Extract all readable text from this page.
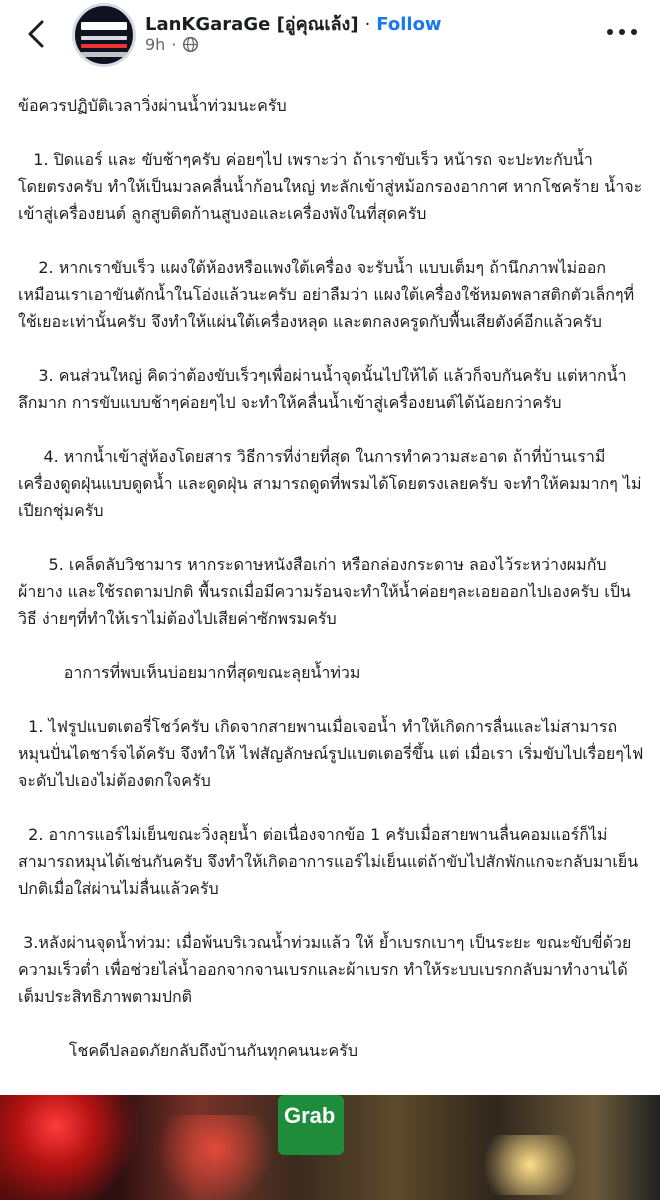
LanKGaraGe [อู่คุณเล้ง] · Follow
9h ·

ข้อควรปฏิบัติเวลาวิ่งผ่านน้ำท่วมนะครับ

1. ปิดแอร์ และ ขับช้าๆครับ ค่อยๆไป เพราะว่า ถ้าเราขับเร็ว หน้ารถ จะปะทะกับน้ำโดยตรงครับ ทำให้เป็นมวลคลื่นน้ำก้อนใหญ่ ทะลักเข้าสู่หม้อกรองอากาศ หากโชคร้าย น้ำจะเข้าสู่เครื่องยนต์ ลูกสูบติดก้านสูบงอและเครื่องพังในที่สุดครับ

2. หากเราขับเร็ว แผงใต้ห้องหรือแพงใต้เครื่อง จะรับน้ำ แบบเต็มๆ ถ้านึกภาพไม่ออก เหมือนเราเอาขันตักน้ำในโอ่งแล้วนะครับ อย่าลืมว่า แผงใต้เครื่องใช้หมดพลาสติกตัวเล็กๆที่ใช้เยอะเท่านั้นครับ จึงทำให้แผ่นใต้เครื่องหลุด และตกลงครูดกับพื้นเสียตังค์อีกแล้วครับ

3. คนส่วนใหญ่ คิดว่าต้องขับเร็วๆเพื่อผ่านน้ำจุดนั้นไปให้ได้ แล้วก็จบกันครับ แต่หากน้ำลึกมาก การขับแบบช้าๆค่อยๆไป จะทำให้คลื่นน้ำเข้าสู่เครื่องยนต์ได้น้อยกว่าครับ

4. หากน้ำเข้าสู่ห้องโดยสาร วิธีการที่ง่ายที่สุด ในการทำความสะอาด ถ้าที่บ้านเรามีเครื่องดูดฝุ่นแบบดูดน้ำ และดูดฝุ่น สามารถดูดที่พรมได้โดยตรงเลยครับ จะทำให้คมมากๆ ไม่เปียกชุ่มครับ

5. เคล็ดลับวิชามาร หากระดาษหนังสือเก่า หรือกล่องกระดาษ ลองไว้ระหว่างผมกับผ้ายาง และใช้รถตามปกติ พื้นรถเมื่อมีความร้อนจะทำให้น้ำค่อยๆละเอยออกไปเองครับ เป็นวิธี ง่ายๆที่ทำให้เราไม่ต้องไปเสียค่าซักพรมครับ

อาการที่พบเห็นบ่อยมากที่สุดขณะลุยน้ำท่วม

1. ไฟรูปแบตเตอรี่โชว์ครับ เกิดจากสายพานเมื่อเจอน้ำ ทำให้เกิดการลื่นและไม่สามารถหมุนปั่นไดชาร์จได้ครับ จึงทำให้ ไฟสัญลักษณ์รูปแบตเตอรี่ขึ้น แต่ เมื่อเรา เริ่มขับไปเรื่อยๆไฟจะดับไปเองไม่ต้องตกใจครับ

2. อาการแอร์ไม่เย็นขณะวิ่งลุยน้ำ ต่อเนื่องจากข้อ 1 ครับเมื่อสายพานลื่นคอมแอร์ก็ไม่สามารถหมุนได้เช่นกันครับ จึงทำให้เกิดอาการแอร์ไม่เย็นแต่ถ้าขับไปสักพักแกจะกลับมาเย็นปกติเมื่อใส่ผ่านไม่ลื่นแล้วครับ

3.หลังผ่านจุดน้ำท่วม: เมื่อพ้นบริเวณน้ำท่วมแล้ว ให้ ย้ำเบรกเบาๆ เป็นระยะ ขณะขับขี่ด้วยความเร็วต่ำ เพื่อช่วยไล่น้ำออกจากจานเบรกและผ้าเบรก ทำให้ระบบเบรกกลับมาทำงานได้เต็มประสิทธิภาพตามปกติ

โชคดีปลอดภัยกลับถึงบ้านกันทุกคนนะครับ

Grab
